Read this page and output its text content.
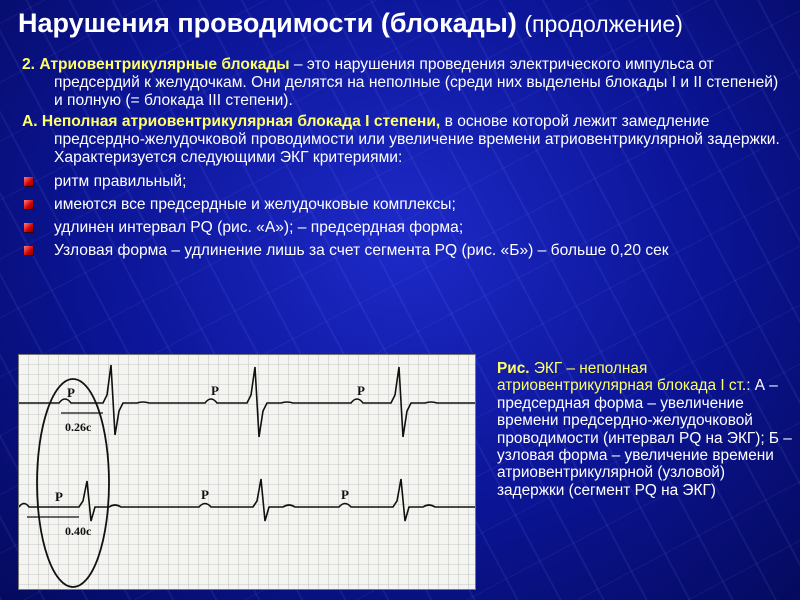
Нарушения проводимости (блокады) (продолжение)

2. Атриовентрикулярные блокады – это нарушения проведения электрического импульса от предсердий к желудочкам. Они делятся на неполные (среди них выделены блокады I и II степеней) и полную (= блокада III степени).

А. Неполная атриовентрикулярная блокада I степени, в основе которой лежит замедление предсердно-желудочковой проводимости или увеличение времени атриовентрикулярной задержки. Характеризуется следующими ЭКГ критериями:

ритм правильный;
имеются все предсердные и желудочковые комплексы;
удлинен интервал PQ (рис. «А»); – предсердная форма;
Узловая форма – удлинение лишь за счет сегмента PQ (рис. «Б») – больше 0,20 сек
P	P	P
P	P	P
0.26c
0.40c
Рис. ЭКГ – неполная атриовентрикулярная блокада I ст.: А – предсердная форма – увеличение времени предсердно-желудочковой проводимости (интервал PQ на ЭКГ); Б – узловая форма – увеличение времени атриовентрикулярной (узловой) задержки (сегмент PQ на ЭКГ)
